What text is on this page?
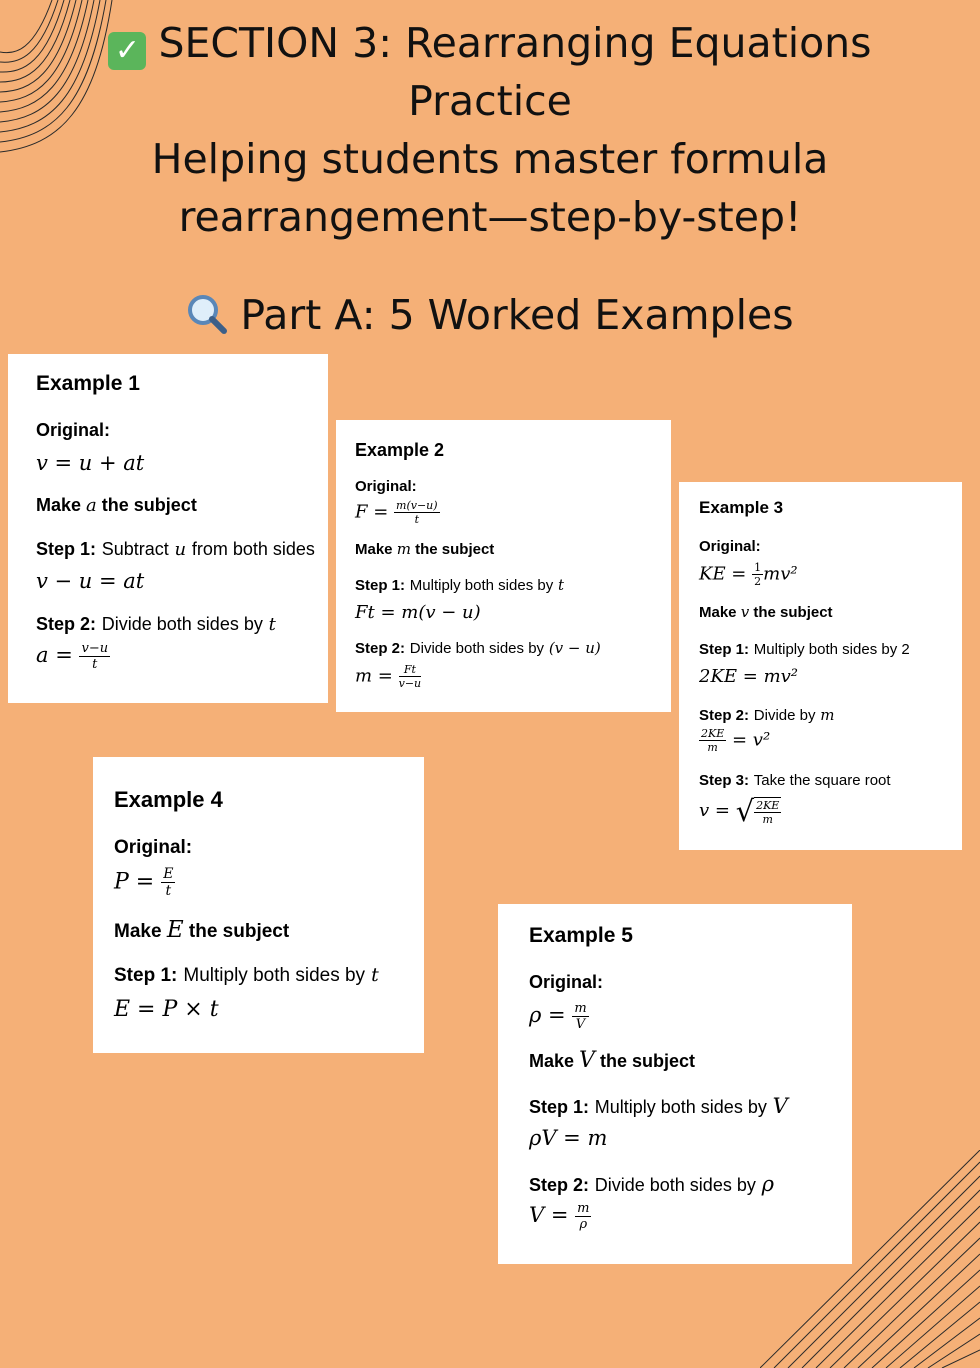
✓ SECTION 3: Rearranging Equations

Practice

Helping students master formula

rearrangement—step-by-step!

Part A: 5 Worked Examples
Example 1
Original:
v = u + at
Make a the subject
Step 1: Subtract u from both sides
v − u = at
Step 2: Divide both sides by t
$a = \frac{v-u}{t}$
Example 2
Original:
$F = \frac{m(v-u)}{t}$
Make m the subject
Step 1: Multiply both sides by t
Ft = m(v − u)
Step 2: Divide both sides by (v − u)
$m = \frac{Ft}{v-u}$
Example 3
Original:
KE = $\frac{1}{2} mv^2$
Make v the subject
Step 1: Multiply both sides by 2
2KE = mv²
Step 2: Divide by m
$\frac{2KE}{m} = v^2$
Step 3: Take the square root
v = √ $\frac{2KE}{m}$
Example 4
Original:
$P = \frac{E}{t}$
Make E the subject
Step 1: Multiply both sides by t
E = P × t
Example 5
Original:
$\rho = \frac{m}{V}$
Make V the subject
Step 1: Multiply both sides by V
ρV = m
Step 2: Divide both sides by ρ
$V = \frac{m}{\rho}$
